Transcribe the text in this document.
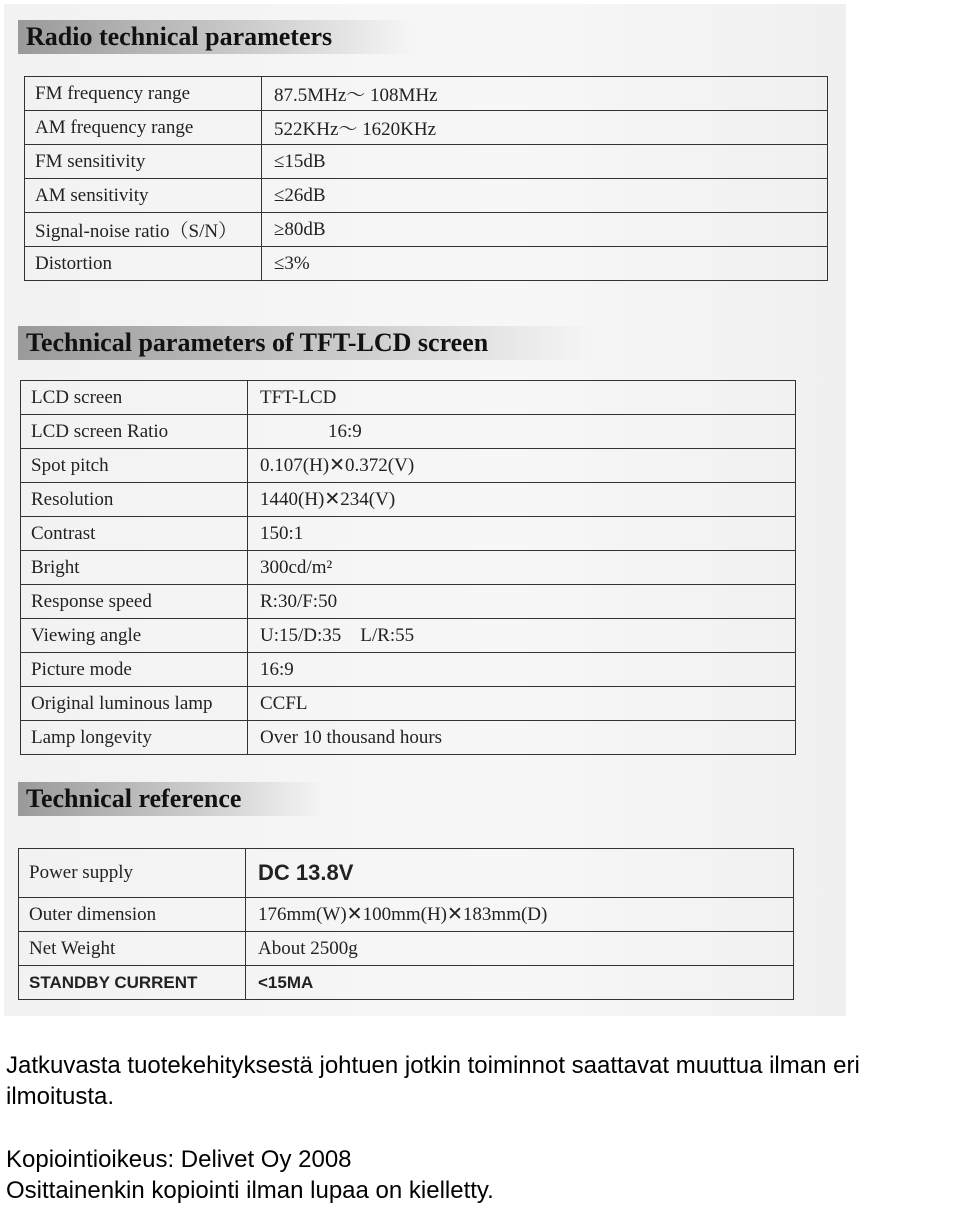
Radio technical parameters
FM frequency range	87.5MHz～ 108MHz
AM frequency range	522KHz～ 1620KHz
FM sensitivity	≤15dB
AM sensitivity	≤26dB
Signal-noise ratio（S/N）	≥80dB
Distortion	≤3%
Technical parameters of TFT-LCD screen
LCD screen	TFT-LCD
LCD screen Ratio	16:9
Spot pitch	0.107(H)✕0.372(V)
Resolution	1440(H)✕234(V)
Contrast	150:1
Bright	300cd/m²
Response speed	R:30/F:50
Viewing angle	U:15/D:35    L/R:55
Picture mode	16:9
Original luminous lamp	CCFL
Lamp longevity	Over 10 thousand hours
Technical reference
Power supply	DC 13.8V
Outer dimension	176mm(W)✕100mm(H)✕183mm(D)
Net Weight	About 2500g
STANDBY CURRENT	<15MA
Jatkuvasta tuotekehityksestä johtuen jotkin toiminnot saattavat muuttua ilman eri
ilmoitusta.
Kopiointioikeus: Delivet Oy 2008
Osittainenkin kopiointi ilman lupaa on kielletty.
